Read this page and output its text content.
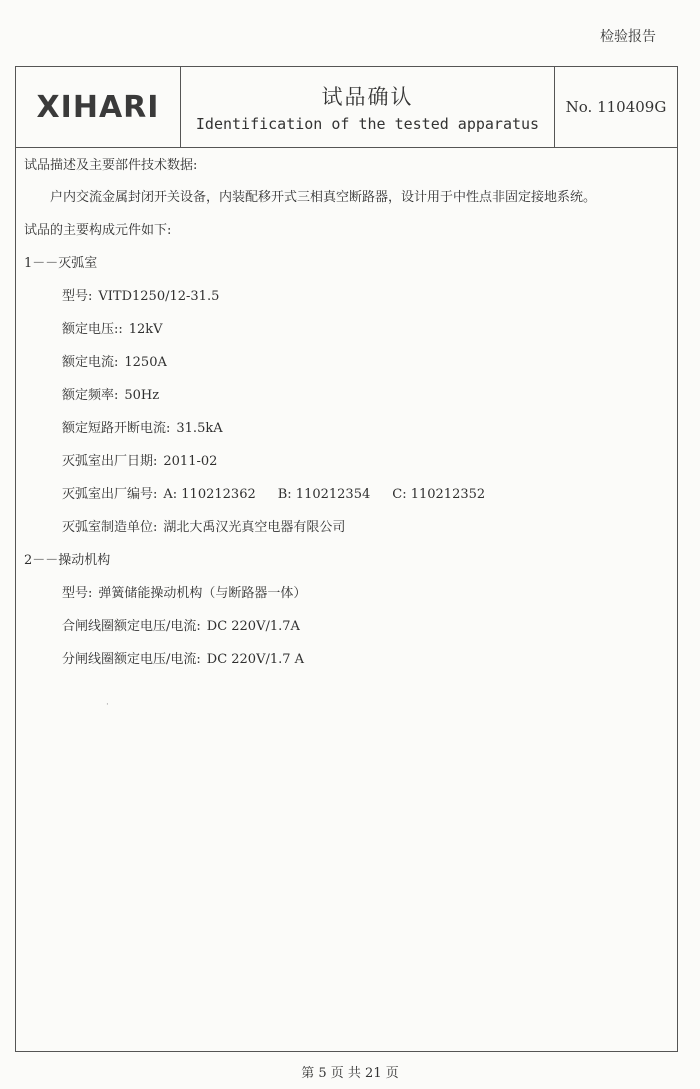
检验报告
XIHARI	试品确认
Identification of the tested apparatus
No. 110409G
试品描述及主要部件技术数据:
户内交流金属封闭开关设备，内装配移开式三相真空断路器，设计用于中性点非固定接地系统。
试品的主要构成元件如下:
1－－灭弧室
型号: VITD1250/12-31.5
额定电压:: 12kV
额定电流: 1250A
额定频率: 50Hz
额定短路开断电流: 31.5kA
灭弧室出厂日期: 2011-02
灭弧室出厂编号: A: 110212362 B: 110212354 C: 110212352
灭弧室制造单位: 湖北大禹汉光真空电器有限公司
2－－操动机构
型号: 弹簧储能操动机构（与断路器一体）
合闸线圈额定电压/电流: DC 220V/1.7A
分闸线圈额定电压/电流: DC 220V/1.7 A
·
第 5 页 共 21 页
